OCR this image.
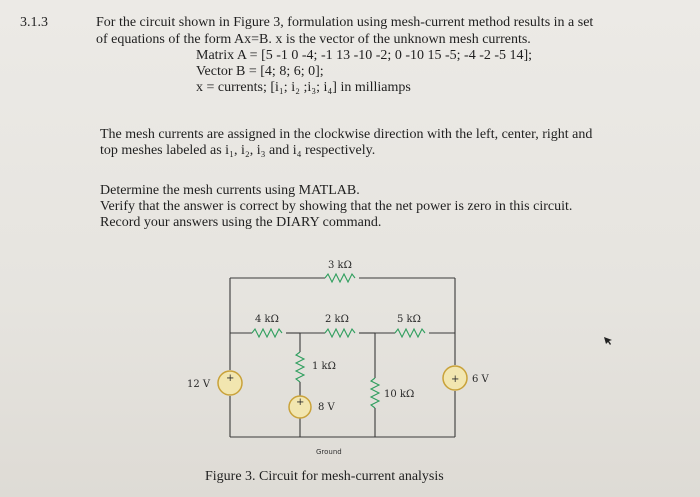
3.1.3	For the circuit shown in Figure 3, formulation using mesh-current method results in a set
of equations of the form Ax=B. x is the vector of the unknown mesh currents.
Matrix A = [5 -1 0 -4; -1 13 -10 -2; 0 -10 15 -5; -4 -2 -5 14];
Vector B = [4; 8; 6; 0];
x = currents; [i₁; i₂ ;i₃; i₄] in milliamps
The mesh currents are assigned in the clockwise direction with the left, center, right and
top meshes labeled as i₁, i₂, i₃ and i₄ respectively.
Determine the mesh currents using MATLAB.
Verify that the answer is correct by showing that the net power is zero in this circuit.
Record your answers using the DIARY command.
+
+
+
3 kΩ
4 kΩ	2 kΩ	5 kΩ
1 kΩ
10 kΩ
12 V
8 V
6 V
Ground
Figure 3. Circuit for mesh-current analysis
